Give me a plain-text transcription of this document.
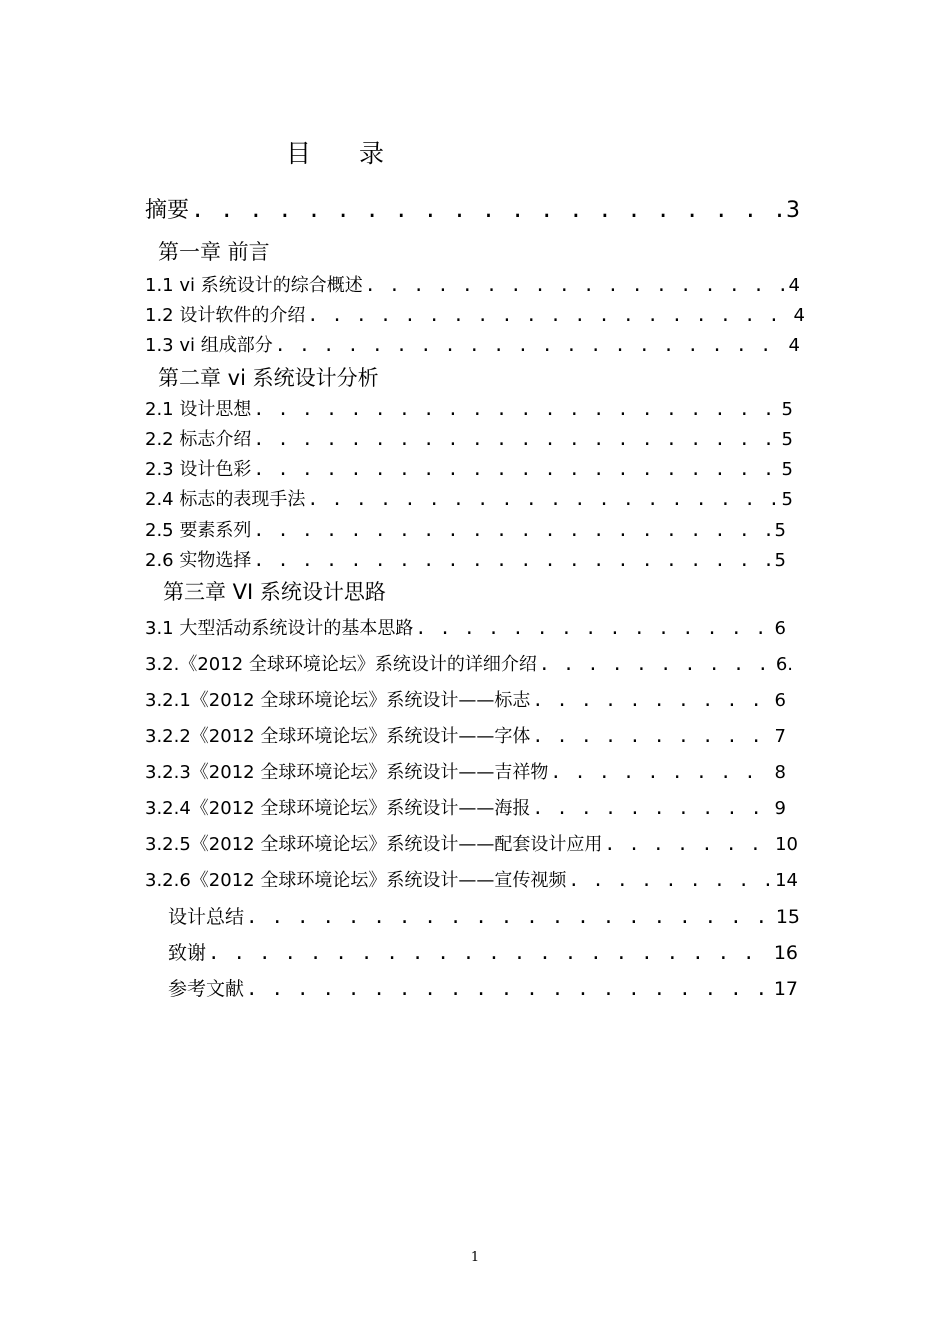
目 录
摘要 . . .	3
第一章 前言
1.1 vi 系统设计的综合概述 . . .	4
1.2 设计软件的介绍 . . .	4
1.3 vi 组成部分 . . .	4
第二章 vi 系统设计分析
2.1 设计思想 . . .	5
2.2 标志介绍 . . .	5
2.3 设计色彩 . . .	5
2.4 标志的表现手法 . . .	5
2.5 要素系列 . . .	5
2.6 实物选择 . . .	5
第三章 VI 系统设计思路
3.1 大型活动系统设计的基本思路 . . .	6
3.2.《2012 全球环境论坛》系统设计的详细介绍 . . .	6.
3.2.1《2012 全球环境论坛》系统设计——标志 . . .	6
3.2.2《2012 全球环境论坛》系统设计——字体 . . .	7
3.2.3《2012 全球环境论坛》系统设计——吉祥物 . . .	8
3.2.4《2012 全球环境论坛》系统设计——海报 . . .	9
3.2.5《2012 全球环境论坛》系统设计——配套设计应用 . . .	10
3.2.6《2012 全球环境论坛》系统设计——宣传视频 . . .	14
设计总结 . . .	15
致谢 . . .	16
参考文献 . . .	17
1
